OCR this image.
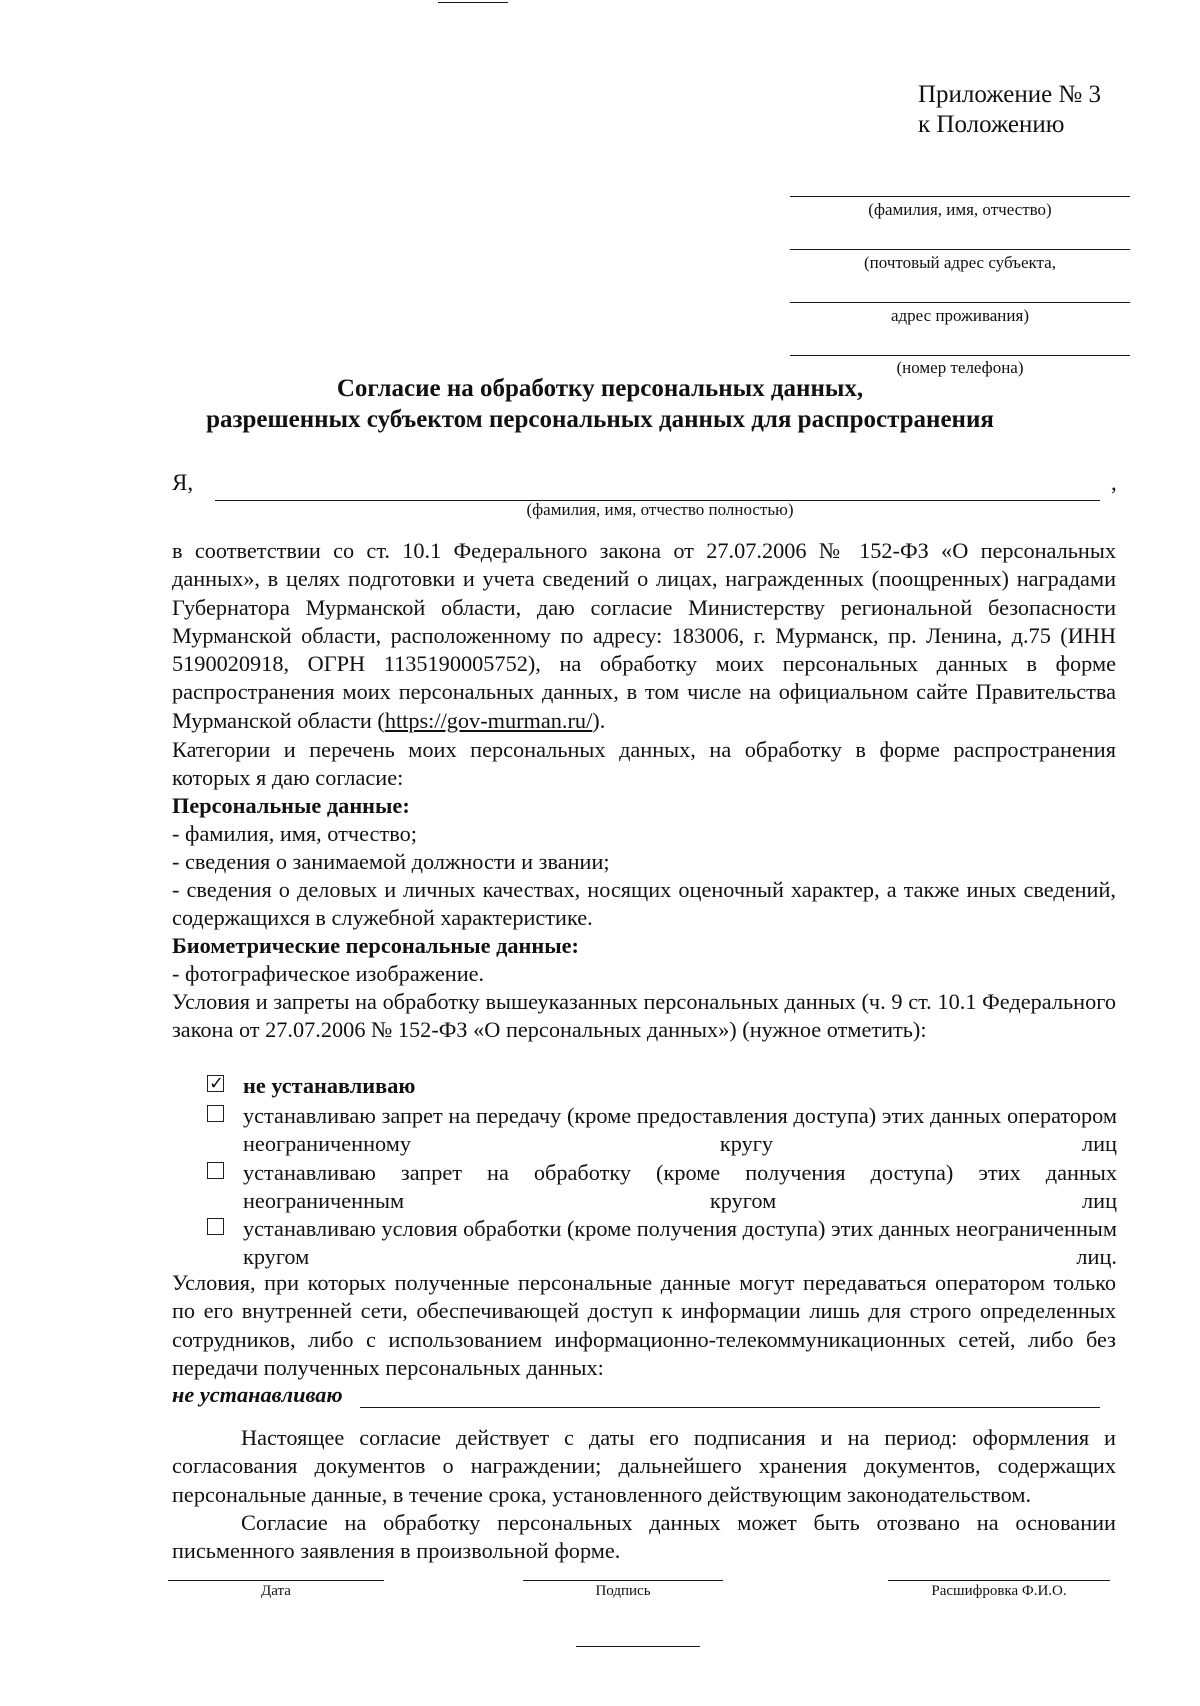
Приложение № 3
к Положению
(фамилия, имя, отчество)
(почтовый адрес субъекта,
адрес проживания)
(номер телефона)
Согласие на обработку персональных данных,
разрешенных субъектом персональных данных для распространения
Я,	,
(фамилия, имя, отчество полностью)

в соответствии со ст. 10.1 Федерального закона от 27.07.2006 № 152-ФЗ «О персональных данных», в целях подготовки и учета сведений о лицах, награжденных (поощренных) наградами Губернатора Мурманской области, даю согласие Министерству региональной безопасности Мурманской области, расположенному по адресу: 183006, г. Мурманск, пр. Ленина, д.75 (ИНН 5190020918, ОГРН 1135190005752), на обработку моих персональных данных в форме распространения моих персональных данных, в том числе на официальном сайте Правительства Мурманской области (https://gov-murman.ru/).

Категории и перечень моих персональных данных, на обработку в форме распространения которых я даю согласие:
Персональные данные:
- фамилия, имя, отчество;
- сведения о занимаемой должности и звании;
- сведения о деловых и личных качествах, носящих оценочный характер, а также иных сведений, содержащихся в служебной характеристике.
Биометрические персональные данные:
- фотографическое изображение.
Условия и запреты на обработку вышеуказанных персональных данных (ч. 9 ст. 10.1 Федерального закона от 27.07.2006 № 152-ФЗ «О персональных данных») (нужное отметить):
✓ не устанавливаю
устанавливаю запрет на передачу (кроме предоставления доступа) этих данных оператором неограниченному кругу лиц
устанавливаю запрет на обработку (кроме получения доступа) этих данных неограниченным кругом лиц
устанавливаю условия обработки (кроме получения доступа) этих данных неограниченным кругом лиц.
Условия, при которых полученные персональные данные могут передаваться оператором только по его внутренней сети, обеспечивающей доступ к информации лишь для строго определенных сотрудников, либо с использованием информационно-телекоммуникационных сетей, либо без передачи полученных персональных данных:
не устанавливаю
Настоящее согласие действует с даты его подписания и на период: оформления и согласования документов о награждении; дальнейшего хранения документов, содержащих персональные данные, в течение срока, установленного действующим законодательством.
Согласие на обработку персональных данных может быть отозвано на основании письменного заявления в произвольной форме.
Дата	Подпись	Расшифровка Ф.И.О.
